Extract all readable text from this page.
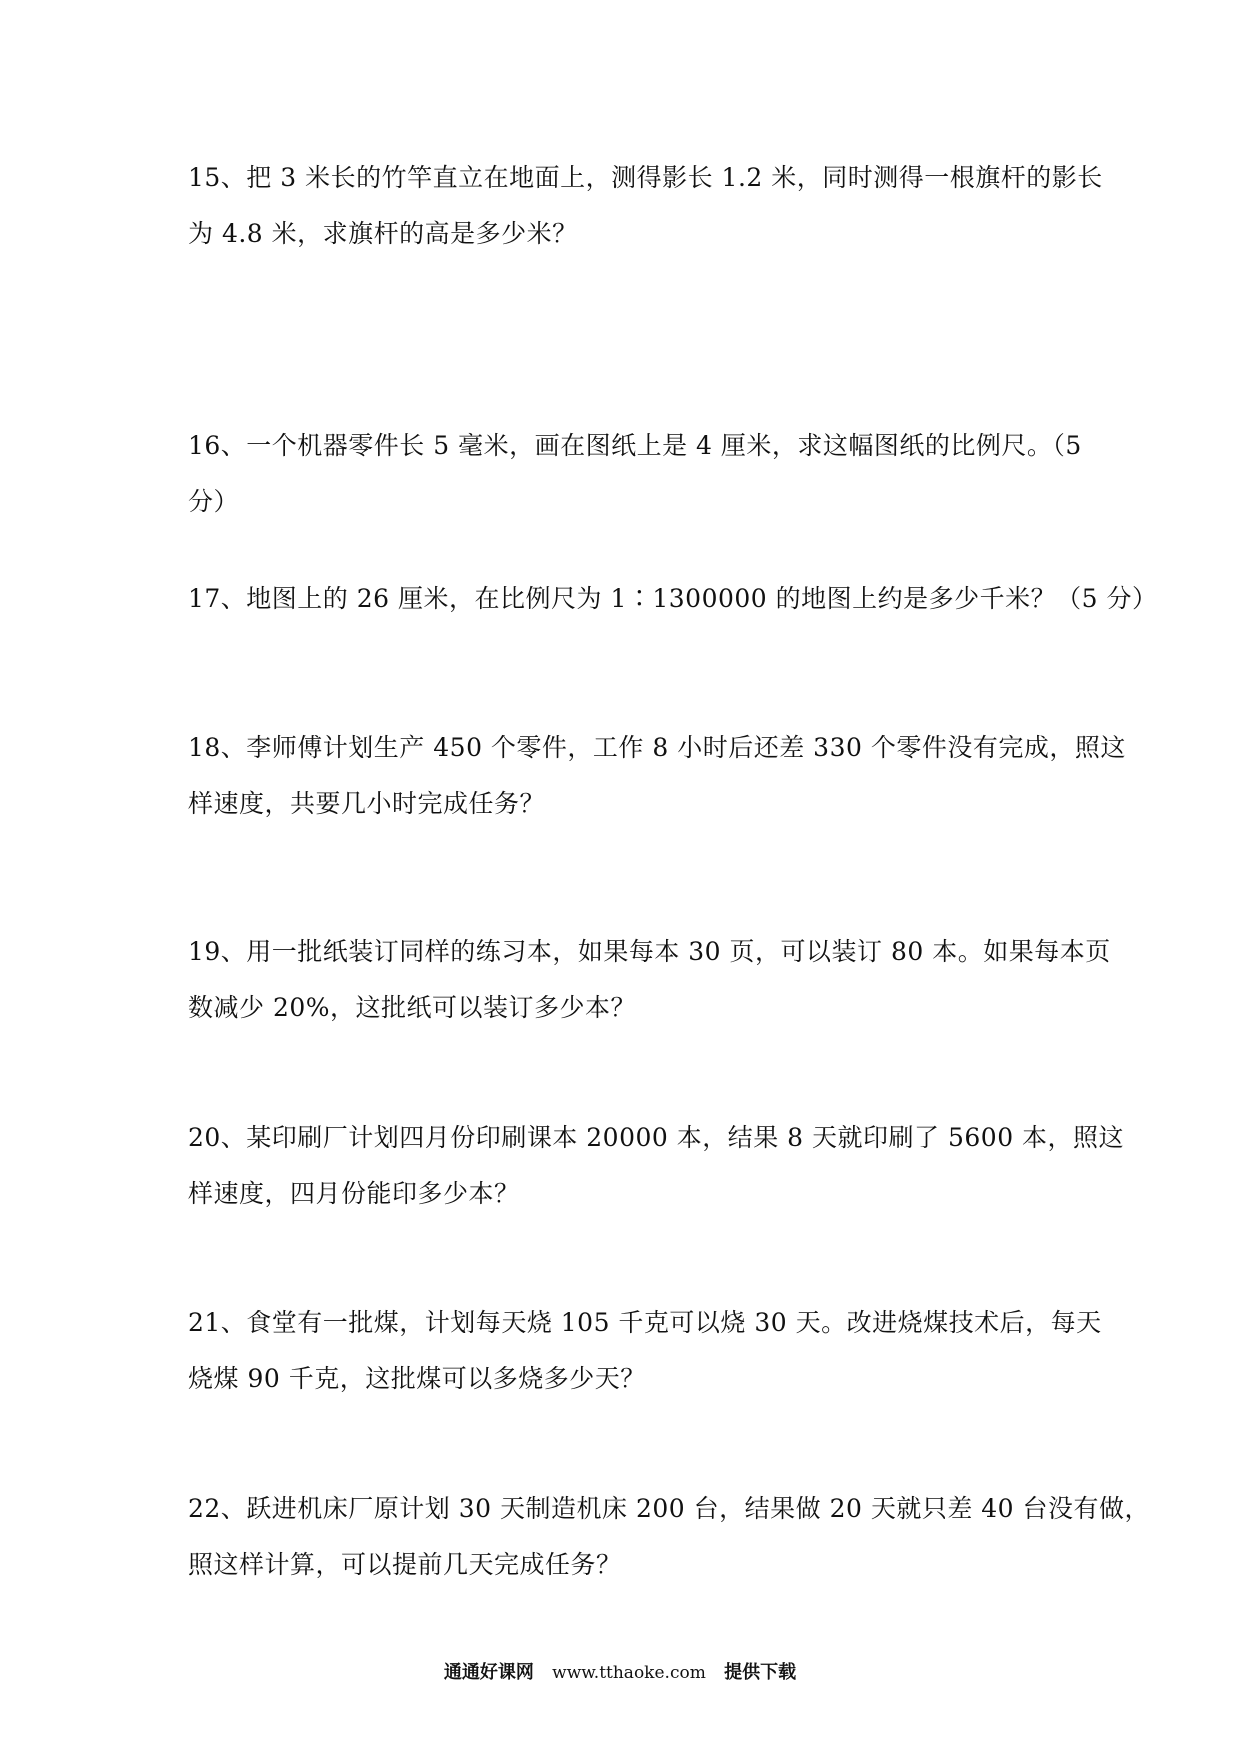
15、把 3 米长的竹竿直立在地面上，测得影长 1.2 米，同时测得一根旗杆的影长
为 4.8 米，求旗杆的高是多少米？
16、一个机器零件长 5 毫米，画在图纸上是 4 厘米，求这幅图纸的比例尺。（5
分）
17、地图上的 26 厘米，在比例尺为 1∶1300000 的地图上约是多少千米？（5 分）
18、李师傅计划生产 450 个零件，工作 8 小时后还差 330 个零件没有完成，照这
样速度，共要几小时完成任务？
19、用一批纸装订同样的练习本，如果每本 30 页，可以装订 80 本。如果每本页
数减少 20%，这批纸可以装订多少本？
20、某印刷厂计划四月份印刷课本 20000 本，结果 8 天就印刷了 5600 本，照这
样速度，四月份能印多少本？
21、食堂有一批煤，计划每天烧 105 千克可以烧 30 天。改进烧煤技术后，每天
烧煤 90 千克，这批煤可以多烧多少天？
22、跃进机床厂原计划 30 天制造机床 200 台，结果做 20 天就只差 40 台没有做，
照这样计算，可以提前几天完成任务？
通通好课网 www.tthaoke.com 提供下载
